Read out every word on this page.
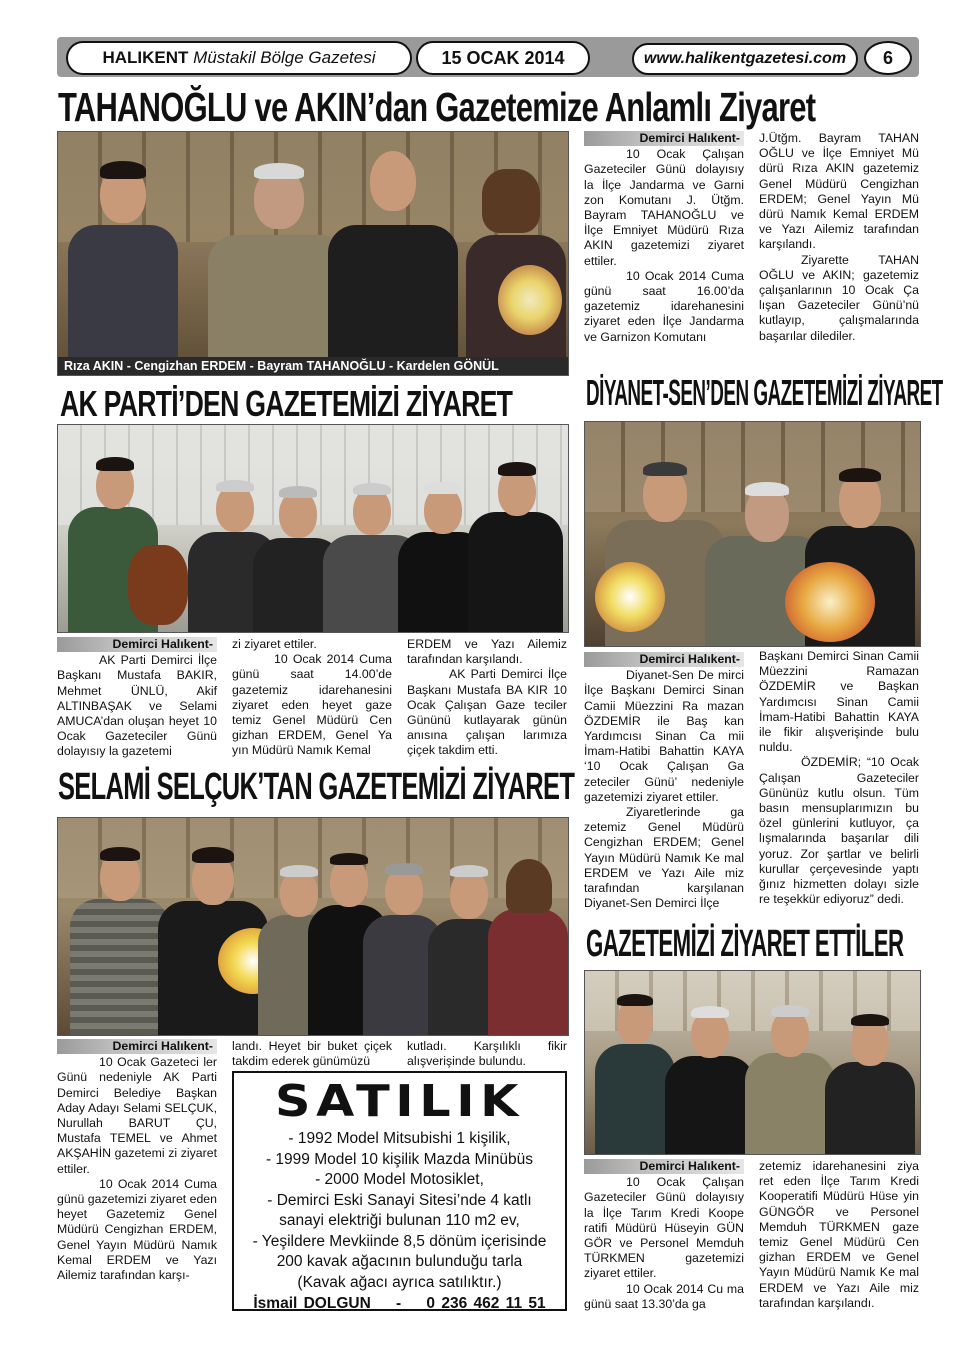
HALIKENT
Müstakil Bölge Gazetesi	15 OCAK 2014	www.halikentgazetesi.com 6
TAHANOĞLU ve AKIN’dan Gazetemize Anlamlı Ziyaret
Rıza AKIN - Cengizhan ERDEM - Bayram TAHANOĞLU - Kardelen GÖNÜL
Demirci Halıkent-

10 Ocak Çalışan Gazeteciler Günü dolayısıy la İlçe Jandarma ve Garni zon Komutanı J. Ütğm. Bayram TAHANOĞLU ve İlçe Emniyet Müdürü Rıza AKIN gazetemizi ziyaret ettiler.

10 Ocak 2014 Cuma günü saat 16.00’da gazetemiz idarehanesini ziyaret eden İlçe Jandarma ve Garnizon Komutanı

J.Ütğm. Bayram TAHAN OĞLU ve İlçe Emniyet Mü dürü Rıza AKIN gazetemiz Genel Müdürü Cengizhan ERDEM; Genel Yayın Mü dürü Namık Kemal ERDEM ve Yazı Ailemiz tarafından karşılandı.

Ziyarette TAHAN OĞLU ve AKIN; gazetemiz çalışanlarının 10 Ocak Ça lışan Gazeteciler Günü’nü kutlayıp, çalışmalarında başarılar dilediler.

AK PARTİ’DEN GAZETEMİZİ ZİYARET
Demirci Halıkent-

AK Parti Demirci İlçe Başkanı Mustafa BAKIR, Mehmet ÜNLÜ, Akif ALTINBAŞAK ve Selami AMUCA’dan oluşan heyet 10 Ocak Gazeteciler Günü dolayısıy la gazetemi

zi ziyaret ettiler.

10 Ocak 2014 Cuma günü saat 14.00’de gazetemiz idarehanesini ziyaret eden heyet gaze temiz Genel Müdürü Cen gizhan ERDEM, Genel Ya yın Müdürü Namık Kemal

ERDEM ve Yazı Ailemiz tarafından karşılandı.

AK Parti Demirci İlçe Başkanı Mustafa BA KIR 10 Ocak Çalışan Gaze teciler Gününü kutlayarak günün anısına çalışan larımıza çiçek takdim etti.

DİYANET-SEN’DEN GAZETEMİZİ ZİYARET
Demirci Halıkent-

Diyanet-Sen De mirci İlçe Başkanı Demirci Sinan Camii Müezzini Ra mazan ÖZDEMİR ile Baş kan Yardımcısı Sinan Ca mii İmam-Hatibi Bahattin KAYA ‘10 Ocak Çalışan Ga zeteciler Günü’ nedeniyle gazetemizi ziyaret ettiler.

Ziyaretlerinde ga zetemiz Genel Müdürü Cengizhan ERDEM; Genel Yayın Müdürü Namık Ke mal ERDEM ve Yazı Aile miz tarafından karşılanan Diyanet-Sen Demirci İlçe

Başkanı Demirci Sinan Camii Müezzini Ramazan ÖZDEMİR ve Başkan Yardımcısı Sinan Camii İmam-Hatibi Bahattin KAYA ile fikir alışverişinde bulu nuldu.

ÖZDEMİR; “10 Ocak Çalışan Gazeteciler Gününüz kutlu olsun. Tüm basın mensuplarımızın bu özel günlerini kutluyor, ça lışmalarında başarılar dili yoruz. Zor şartlar ve belirli kurullar çerçevesinde yaptı ğınız hizmetten dolayı sizle re teşekkür ediyoruz” dedi.

SELAMİ SELÇUK’TAN GAZETEMİZİ ZİYARET
Demirci Halıkent-

10 Ocak Gazeteci ler Günü nedeniyle AK Parti Demirci Belediye Başkan Aday Adayı Selami SELÇUK, Nurullah BARUT ÇU, Mustafa TEMEL ve Ahmet AKŞAHİN gazetemi zi ziyaret ettiler.

10 Ocak 2014 Cuma günü gazetemizi ziyaret eden heyet Gazetemiz Genel Müdürü Cengizhan ERDEM, Genel Yayın Müdürü Namık Kemal ERDEM ve Yazı Ailemiz tarafından karşı-

landı. Heyet bir buket çiçek takdim ederek günümüzü

kutladı. Karşılıklı fikir alışverişinde bulundu.

SATILIK
- 1992 Model Mitsubishi 1 kişilik,
- 1999 Model 10 kişilik Mazda Minübüs
- 2000 Model Motosiklet,
- Demirci Eski Sanayi Sitesi’nde 4 katlı
sanayi elektriği bulunan 110 m2 ev,
- Yeşildere Mevkiinde 8,5 dönüm içerisinde
200 kavak ağacının bulunduğu tarla
(Kavak ağacı ayrıca satılıktır.)
İsmail DOLGUN - 0 236 462 11 51
GAZETEMİZİ ZİYARET ETTİLER
Demirci Halıkent-

10 Ocak Çalışan Gazeteciler Günü dolayısıy la İlçe Tarım Kredi Koope ratifi Müdürü Hüseyin GÜN GÖR ve Personel Memduh TÜRKMEN gazetemizi ziyaret ettiler.

10 Ocak 2014 Cu ma günü saat 13.30’da ga

zetemiz idarehanesini ziya ret eden İlçe Tarım Kredi Kooperatifi Müdürü Hüse yin GÜNGÖR ve Personel Memduh TÜRKMEN gaze temiz Genel Müdürü Cen gizhan ERDEM ve Genel Yayın Müdürü Namık Ke mal ERDEM ve Yazı Aile miz tarafından karşılandı.
